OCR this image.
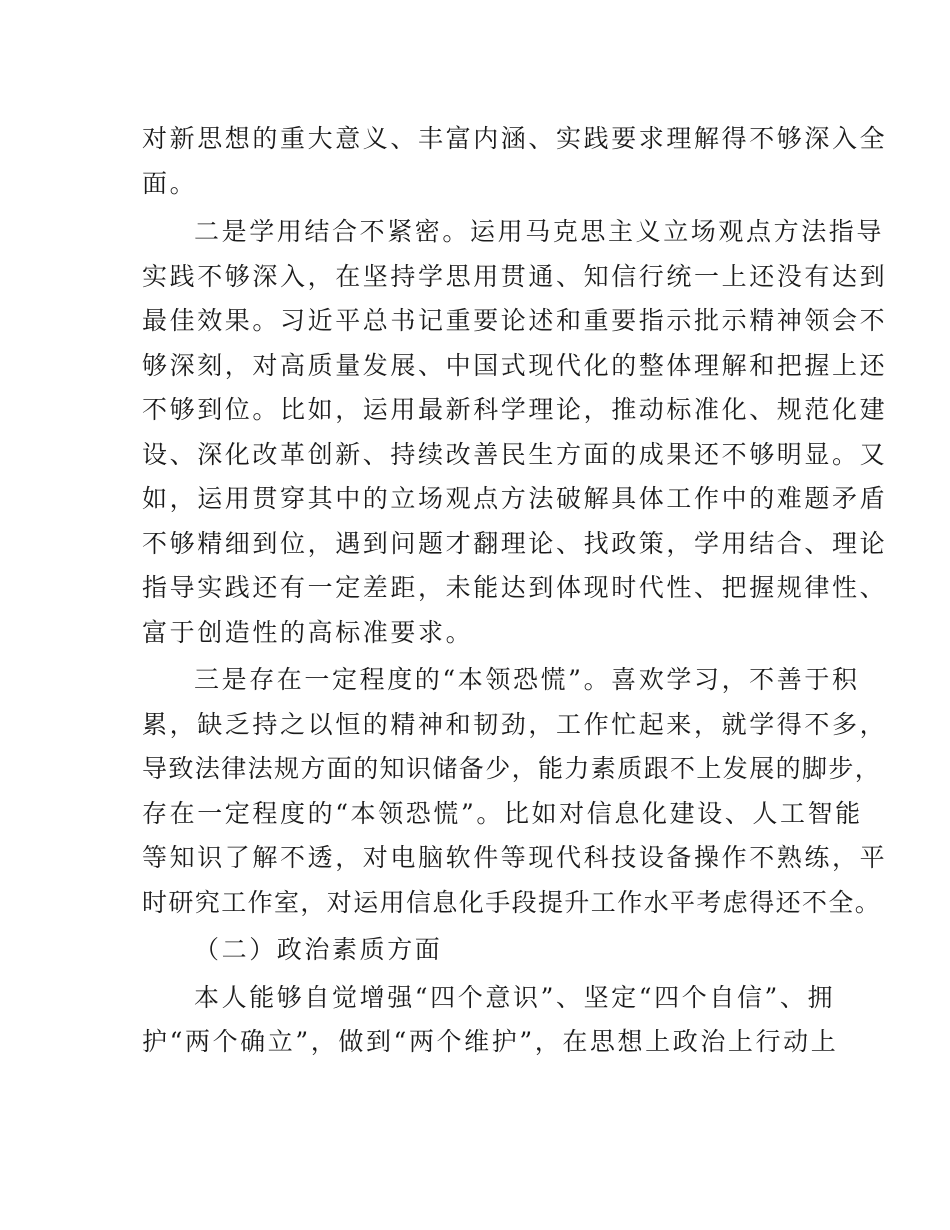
对新思想的重大意义、丰富内涵、实践要求理解得不够深入全
面。
二是学用结合不紧密。运用马克思主义立场观点方法指导
实践不够深入，在坚持学思用贯通、知信行统一上还没有达到
最佳效果。习近平总书记重要论述和重要指示批示精神领会不
够深刻，对高质量发展、中国式现代化的整体理解和把握上还
不够到位。比如，运用最新科学理论，推动标准化、规范化建
设、深化改革创新、持续改善民生方面的成果还不够明显。又
如，运用贯穿其中的立场观点方法破解具体工作中的难题矛盾
不够精细到位，遇到问题才翻理论、找政策，学用结合、理论
指导实践还有一定差距，未能达到体现时代性、把握规律性、
富于创造性的高标准要求。
三是存在一定程度的“本领恐慌”。喜欢学习，不善于积
累，缺乏持之以恒的精神和韧劲，工作忙起来，就学得不多，
导致法律法规方面的知识储备少，能力素质跟不上发展的脚步，
存在一定程度的“本领恐慌”。比如对信息化建设、人工智能
等知识了解不透，对电脑软件等现代科技设备操作不熟练，平
时研究工作室，对运用信息化手段提升工作水平考虑得还不全。
（二）政治素质方面
本人能够自觉增强“四个意识”、坚定“四个自信”、拥
护“两个确立”，做到“两个维护”，在思想上政治上行动上
